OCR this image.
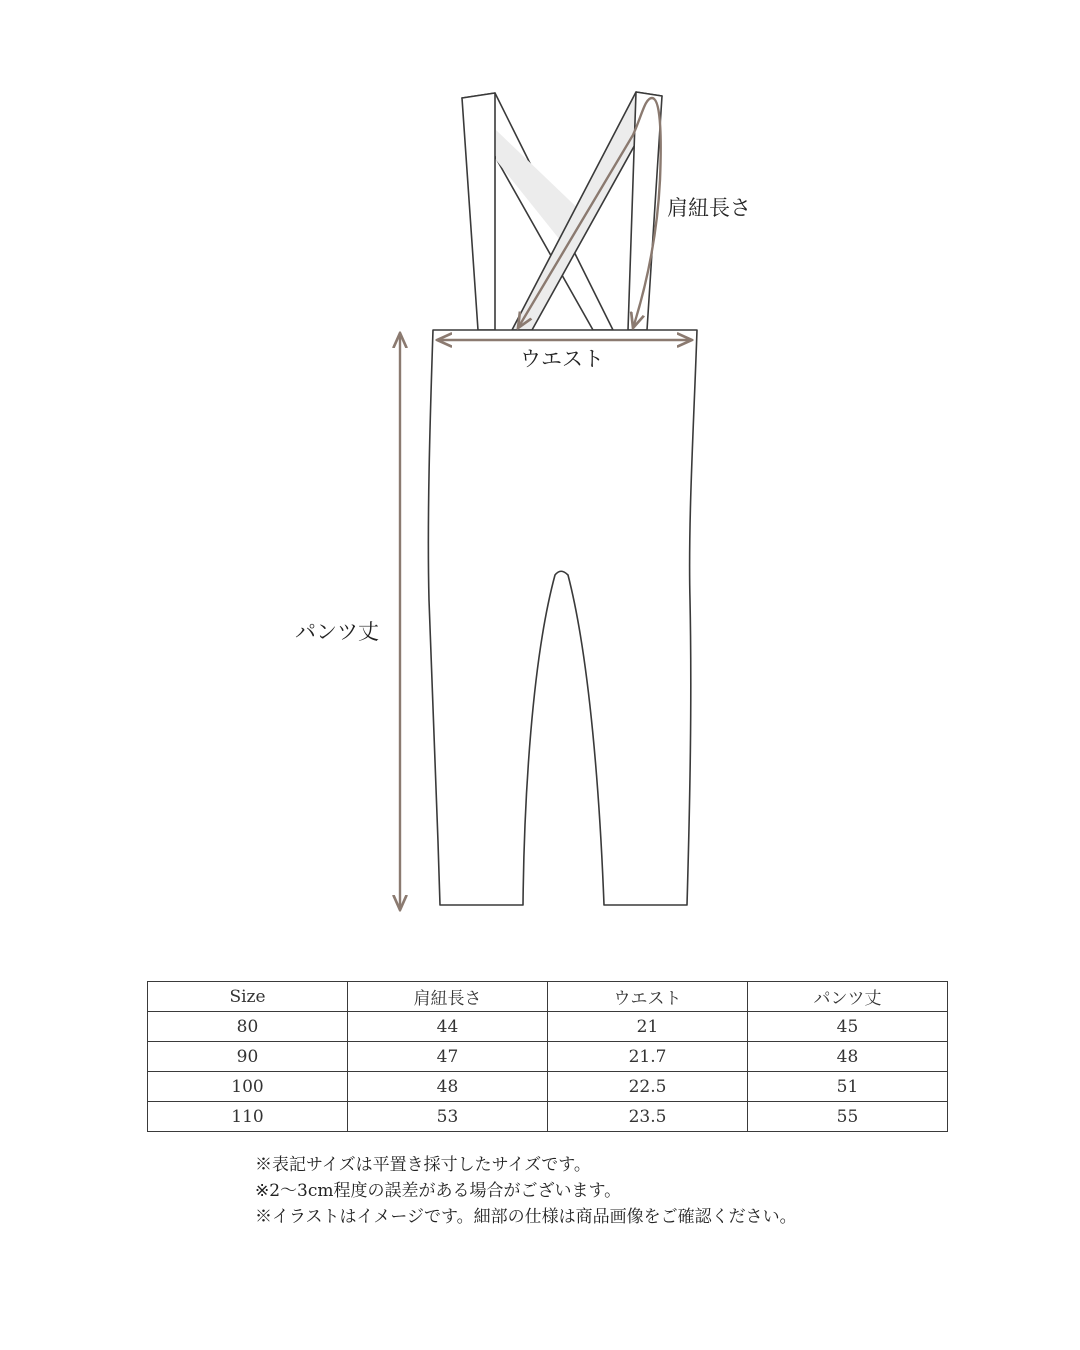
肩紐長さ
ウエスト
パンツ丈
Size	肩紐長さ	ウエスト	パンツ丈
80	44	21	45
90	47	21.7	48
100	48	22.5	51
110	53	23.5	55
※表記サイズは平置き採寸したサイズです。
※2〜3cm程度の誤差がある場合がございます。
※イラストはイメージです。細部の仕様は商品画像をご確認ください。
